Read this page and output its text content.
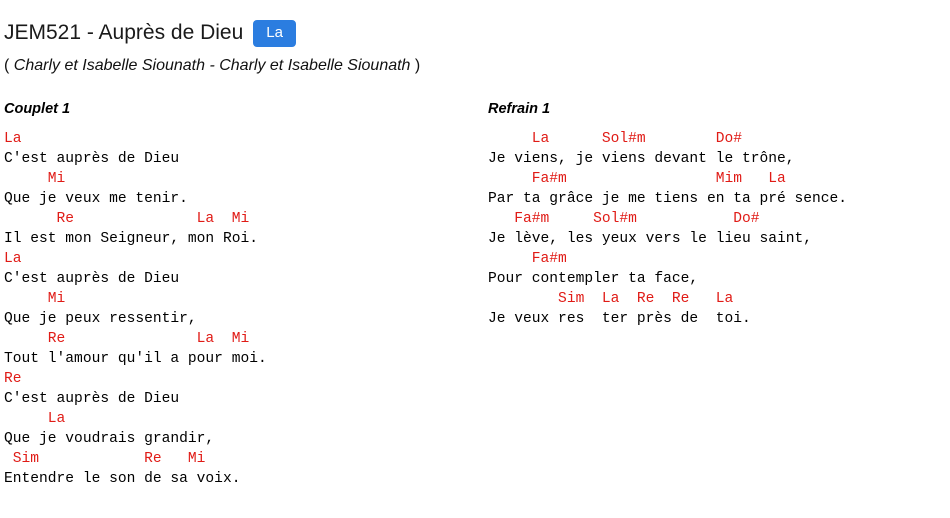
JEM521 - Auprès de Dieu	La
( Charly et Isabelle Siounath - Charly et Isabelle Siounath )
Couplet 1
La
C'est auprès de Dieu
Mi
Que je veux me tenir.
Re              La  Mi
Il est mon Seigneur, mon Roi.
La
C'est auprès de Dieu
Mi
Que je peux ressentir,
Re               La  Mi
Tout l'amour qu'il a pour moi.
Re
C'est auprès de Dieu
La
Que je voudrais grandir,
Sim            Re   Mi
Entendre le son de sa voix.
Refrain 1
La      Sol#m        Do#
Je viens, je viens devant le trône,
Fa#m                 Mim   La
Par ta grâce je me tiens en ta pré sence.
Fa#m     Sol#m           Do#
Je lève, les yeux vers le lieu saint,
Fa#m
Pour contempler ta face,
Sim  La  Re  Re   La
Je veux res  ter près de  toi.
